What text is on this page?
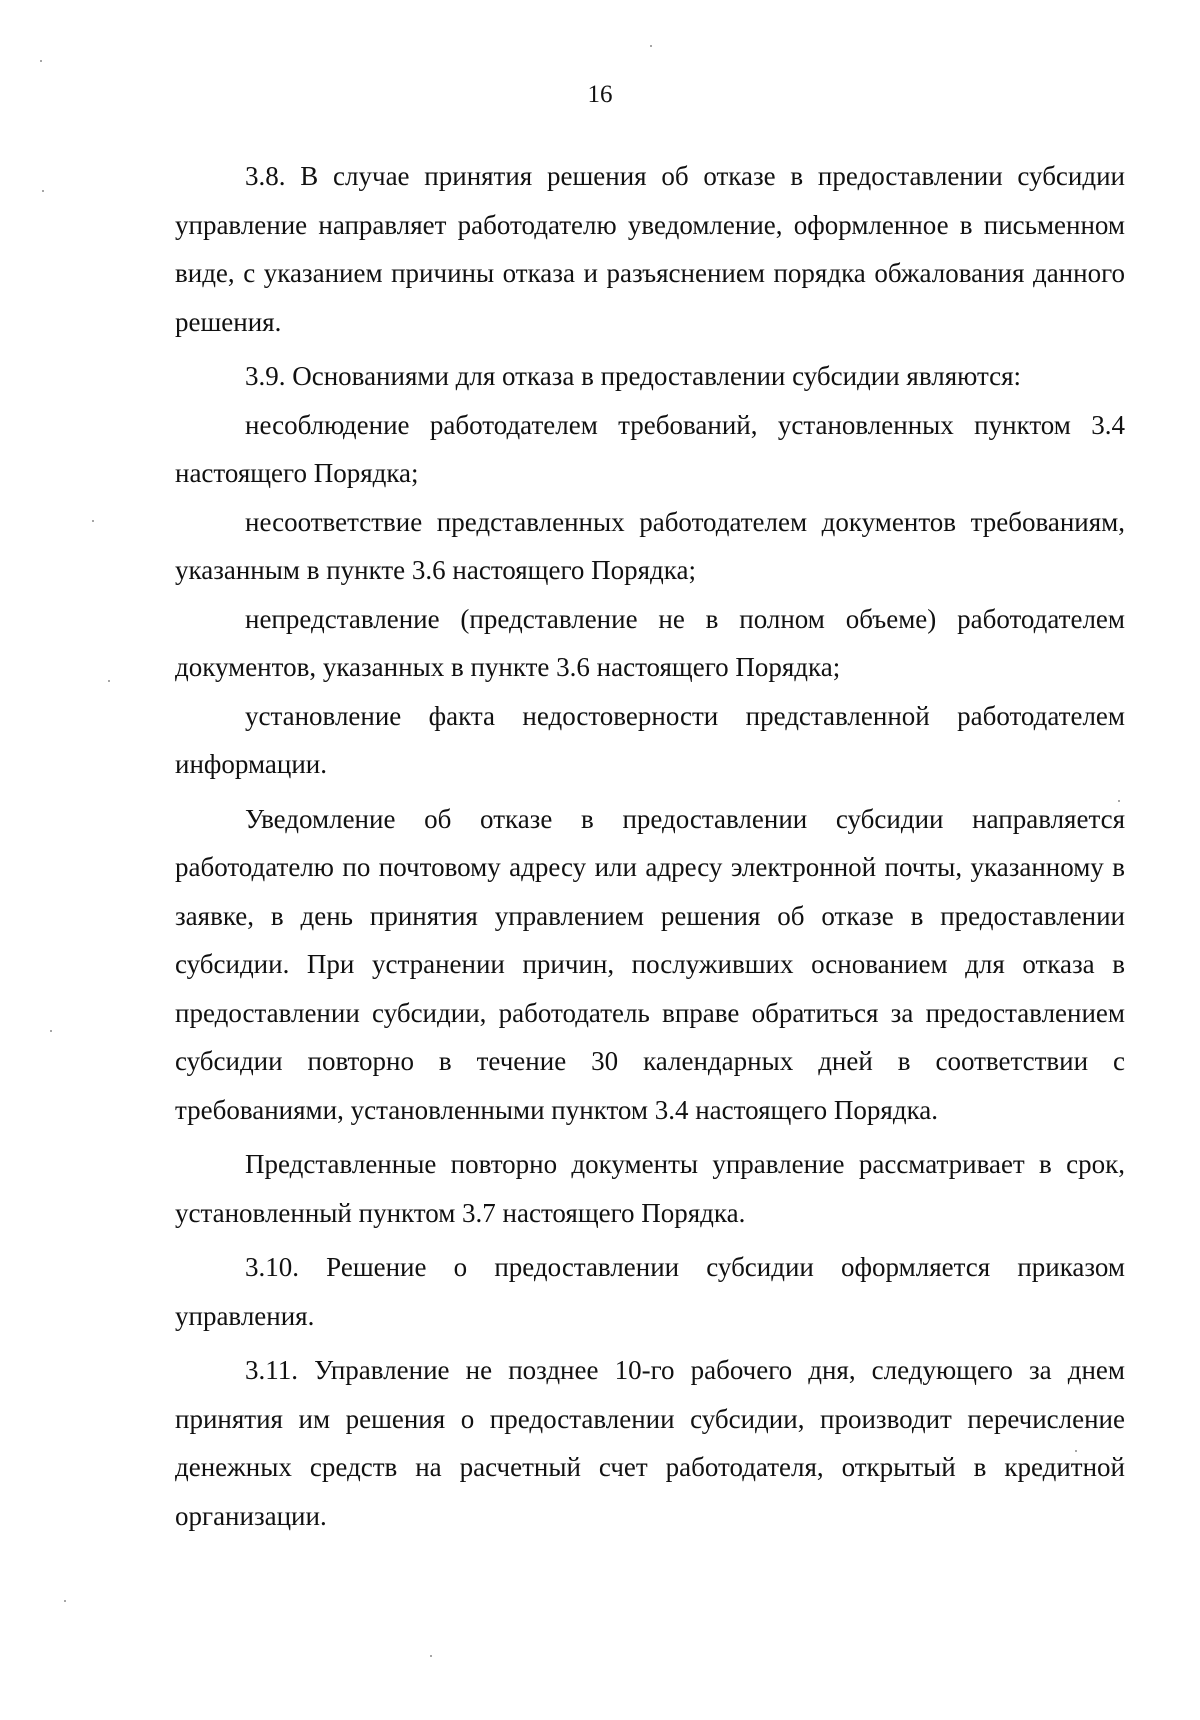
16

3.8. В случае принятия решения об отказе в предоставлении субсидии управление направляет работодателю уведомление, оформленное в письменном виде, с указанием причины отказа и разъяснением порядка обжалования данного решения.

3.9. Основаниями для отказа в предоставлении субсидии являются:

несоблюдение работодателем требований, установленных пунктом 3.4 настоящего Порядка;

несоответствие представленных работодателем документов требованиям, указанным в пункте 3.6 настоящего Порядка;

непредставление (представление не в полном объеме) работодателем документов, указанных в пункте 3.6 настоящего Порядка;

установление факта недостоверности представленной работодателем информации.

Уведомление об отказе в предоставлении субсидии направляется работодателю по почтовому адресу или адресу электронной почты, указанному в заявке, в день принятия управлением решения об отказе в предоставлении субсидии. При устранении причин, послуживших основанием для отказа в предоставлении субсидии, работодатель вправе обратиться за предоставлением субсидии повторно в течение 30 календарных дней в соответствии с требованиями, установленными пунктом 3.4 настоящего Порядка.

Представленные повторно документы управление рассматривает в срок, установленный пунктом 3.7 настоящего Порядка.

3.10. Решение о предоставлении субсидии оформляется приказом управления.

3.11. Управление не позднее 10-го рабочего дня, следующего за днем принятия им решения о предоставлении субсидии, производит перечисление денежных средств на расчетный счет работодателя, открытый в кредитной организации.
